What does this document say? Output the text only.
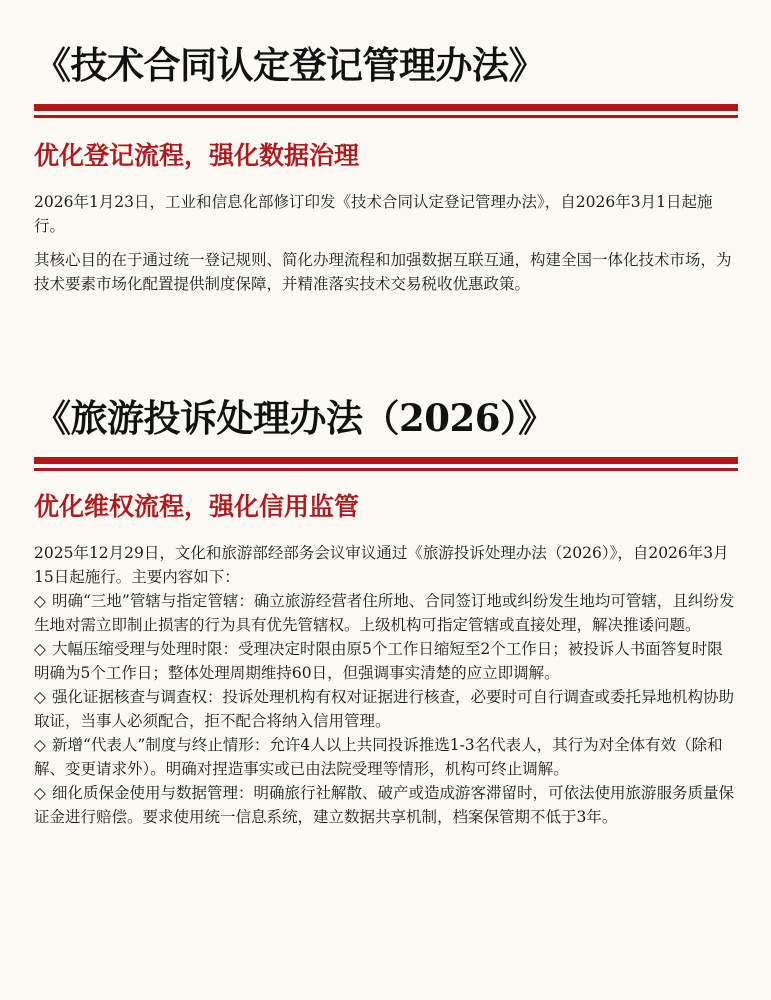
《技术合同认定登记管理办法》
优化登记流程，强化数据治理

2026年1月23日，工业和信息化部修订印发《技术合同认定登记管理办法》，自2026年3月1日起施行。

其核心目的在于通过统一登记规则、简化办理流程和加强数据互联互通，构建全国一体化技术市场，为技术要素市场化配置提供制度保障，并精准落实技术交易税收优惠政策。

《旅游投诉处理办法（2026）》
优化维权流程，强化信用监管

2025年12月29日，文化和旅游部经部务会议审议通过《旅游投诉处理办法（2026）》，自2026年3月15日起施行。主要内容如下：

◇ 明确“三地”管辖与指定管辖：确立旅游经营者住所地、合同签订地或纠纷发生地均可管辖，且纠纷发生地对需立即制止损害的行为具有优先管辖权。上级机构可指定管辖或直接处理，解决推诿问题。

◇ 大幅压缩受理与处理时限：受理决定时限由原5个工作日缩短至2个工作日；被投诉人书面答复时限明确为5个工作日；整体处理周期维持60日，但强调事实清楚的应立即调解。

◇ 强化证据核查与调查权：投诉处理机构有权对证据进行核查，必要时可自行调查或委托异地机构协助取证，当事人必须配合，拒不配合将纳入信用管理。

◇ 新增“代表人”制度与终止情形：允许4人以上共同投诉推选1-3名代表人，其行为对全体有效（除和解、变更请求外）。明确对捏造事实或已由法院受理等情形，机构可终止调解。

◇ 细化质保金使用与数据管理：明确旅行社解散、破产或造成游客滞留时，可依法使用旅游服务质量保证金进行赔偿。要求使用统一信息系统，建立数据共享机制，档案保管期不低于3年。
